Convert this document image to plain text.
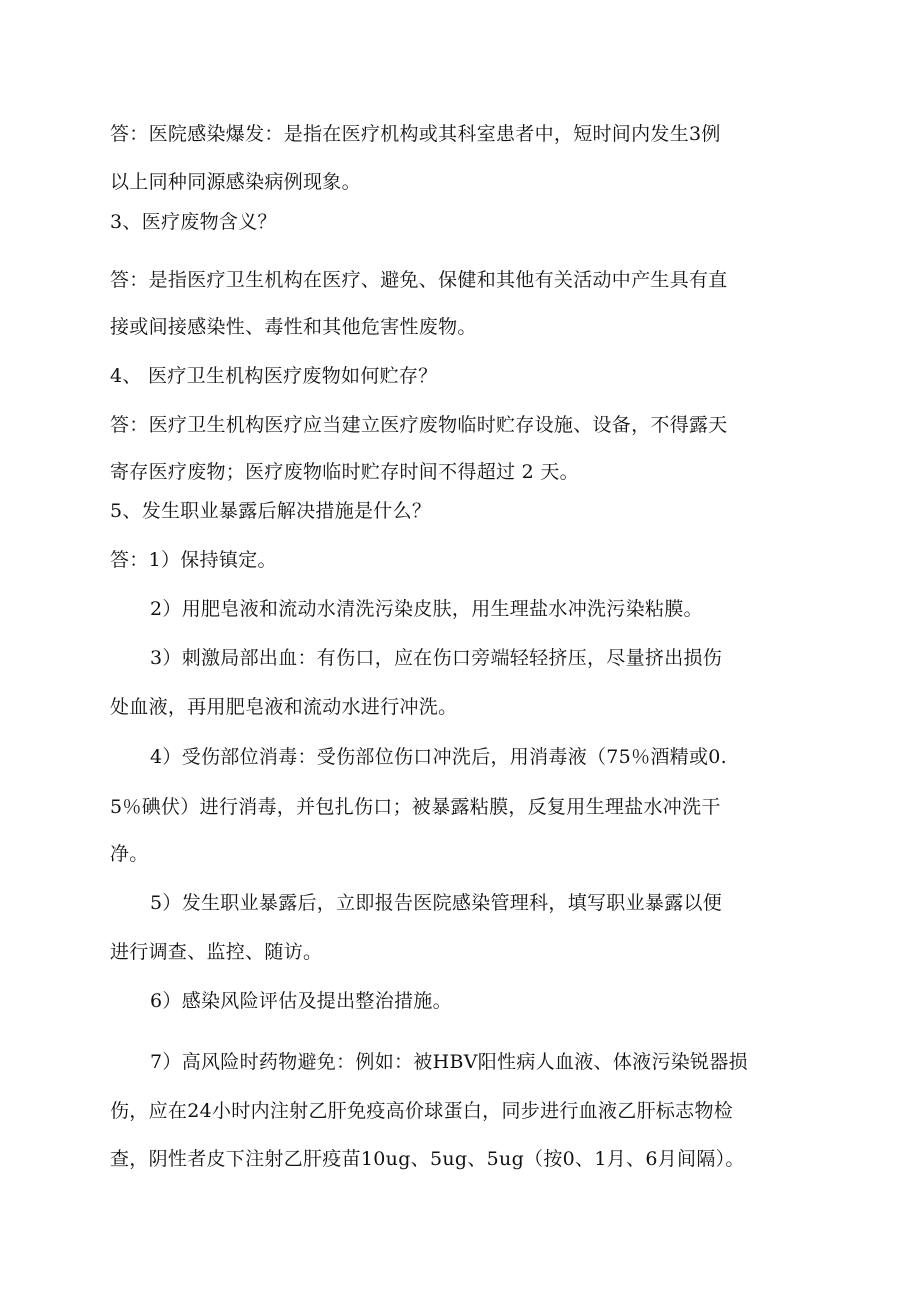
答：医院感染爆发：是指在医疗机构或其科室患者中，短时间内发生3例
以上同种同源感染病例现象。
3、医疗废物含义？
答：是指医疗卫生机构在医疗、避免、保健和其他有关活动中产生具有直
接或间接感染性、毒性和其他危害性废物。
4、 医疗卫生机构医疗废物如何贮存？
答：医疗卫生机构医疗应当建立医疗废物临时贮存设施、设备，不得露天
寄存医疗废物；医疗废物临时贮存时间不得超过 2 天。
5、发生职业暴露后解决措施是什么？
答：1）保持镇定。
2）用肥皂液和流动水清洗污染皮肤，用生理盐水冲洗污染粘膜。
3）刺激局部出血：有伤口，应在伤口旁端轻轻挤压，尽量挤出损伤
处血液，再用肥皂液和流动水进行冲洗。
4）受伤部位消毒：受伤部位伤口冲洗后，用消毒液（75％酒精或0.
5％碘伏）进行消毒，并包扎伤口；被暴露粘膜，反复用生理盐水冲洗干
净。
5）发生职业暴露后，立即报告医院感染管理科，填写职业暴露以便
进行调查、监控、随访。
6）感染风险评估及提出整治措施。
7）高风险时药物避免：例如：被HBV阳性病人血液、体液污染锐器损
伤，应在24小时内注射乙肝免疫高价球蛋白，同步进行血液乙肝标志物检
查，阴性者皮下注射乙肝疫苗10ug、5ug、5ug（按0、1月、6月间隔）。
